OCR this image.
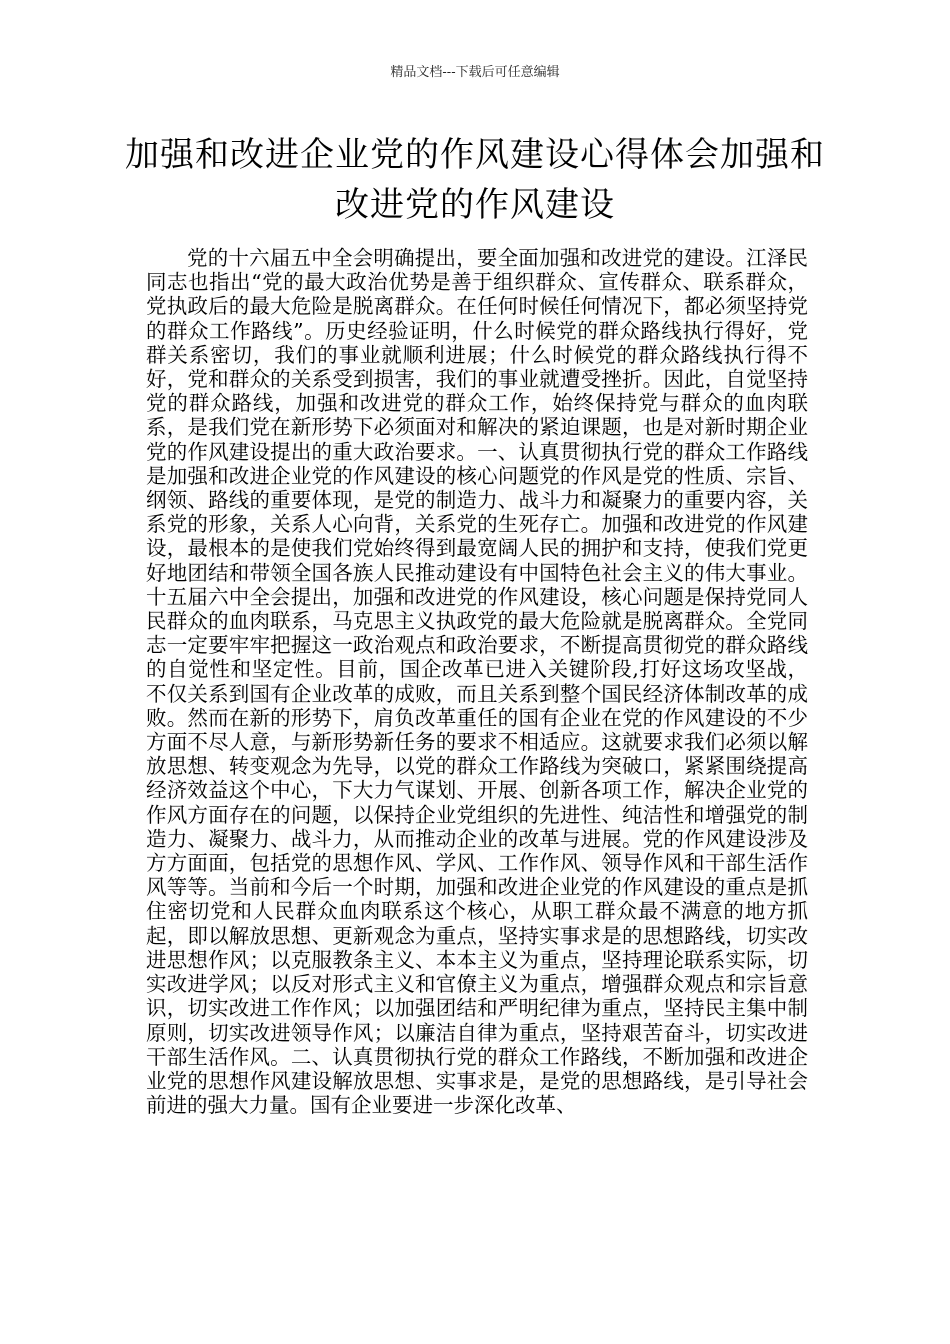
精品文档---下载后可任意编辑
加强和改进企业党的作风建设心得体会加强和改进党的作风建设

党的十六届五中全会明确提出，要全面加强和改进党的建设。江泽民同志也指出“党的最大政治优势是善于组织群众、宣传群众、联系群众，党执政后的最大危险是脱离群众。在任何时候任何情况下，都必须坚持党的群众工作路线”。历史经验证明，什么时候党的群众路线执行得好，党群关系密切，我们的事业就顺利进展；什么时候党的群众路线执行得不好，党和群众的关系受到损害，我们的事业就遭受挫折。因此，自觉坚持党的群众路线，加强和改进党的群众工作，始终保持党与群众的血肉联系，是我们党在新形势下必须面对和解决的紧迫课题，也是对新时期企业党的作风建设提出的重大政治要求。一、认真贯彻执行党的群众工作路线是加强和改进企业党的作风建设的核心问题党的作风是党的性质、宗旨、纲领、路线的重要体现，是党的制造力、战斗力和凝聚力的重要内容，关系党的形象，关系人心向背，关系党的生死存亡。加强和改进党的作风建设，最根本的是使我们党始终得到最宽阔人民的拥护和支持，使我们党更好地团结和带领全国各族人民推动建设有中国特色社会主义的伟大事业。十五届六中全会提出，加强和改进党的作风建设，核心问题是保持党同人民群众的血肉联系，马克思主义执政党的最大危险就是脱离群众。全党同志一定要牢牢把握这一政治观点和政治要求，不断提高贯彻党的群众路线的自觉性和坚定性。目前，国企改革已进入关键阶段,打好这场攻坚战，不仅关系到国有企业改革的成败，而且关系到整个国民经济体制改革的成败。然而在新的形势下，肩负改革重任的国有企业在党的作风建设的不少方面不尽人意，与新形势新任务的要求不相适应。这就要求我们必须以解放思想、转变观念为先导，以党的群众工作路线为突破口，紧紧围绕提高经济效益这个中心，下大力气谋划、开展、创新各项工作，解决企业党的作风方面存在的问题，以保持企业党组织的先进性、纯洁性和增强党的制造力、凝聚力、战斗力，从而推动企业的改革与进展。党的作风建设涉及方方面面，包括党的思想作风、学风、工作作风、领导作风和干部生活作风等等。当前和今后一个时期，加强和改进企业党的作风建设的重点是抓住密切党和人民群众血肉联系这个核心，从职工群众最不满意的地方抓起，即以解放思想、更新观念为重点，坚持实事求是的思想路线，切实改进思想作风；以克服教条主义、本本主义为重点，坚持理论联系实际，切实改进学风；以反对形式主义和官僚主义为重点，增强群众观点和宗旨意识，切实改进工作作风；以加强团结和严明纪律为重点，坚持民主集中制原则，切实改进领导作风；以廉洁自律为重点，坚持艰苦奋斗，切实改进干部生活作风。二、认真贯彻执行党的群众工作路线，不断加强和改进企业党的思想作风建设解放思想、实事求是，是党的思想路线，是引导社会前进的强大力量。国有企业要进一步深化改革、
